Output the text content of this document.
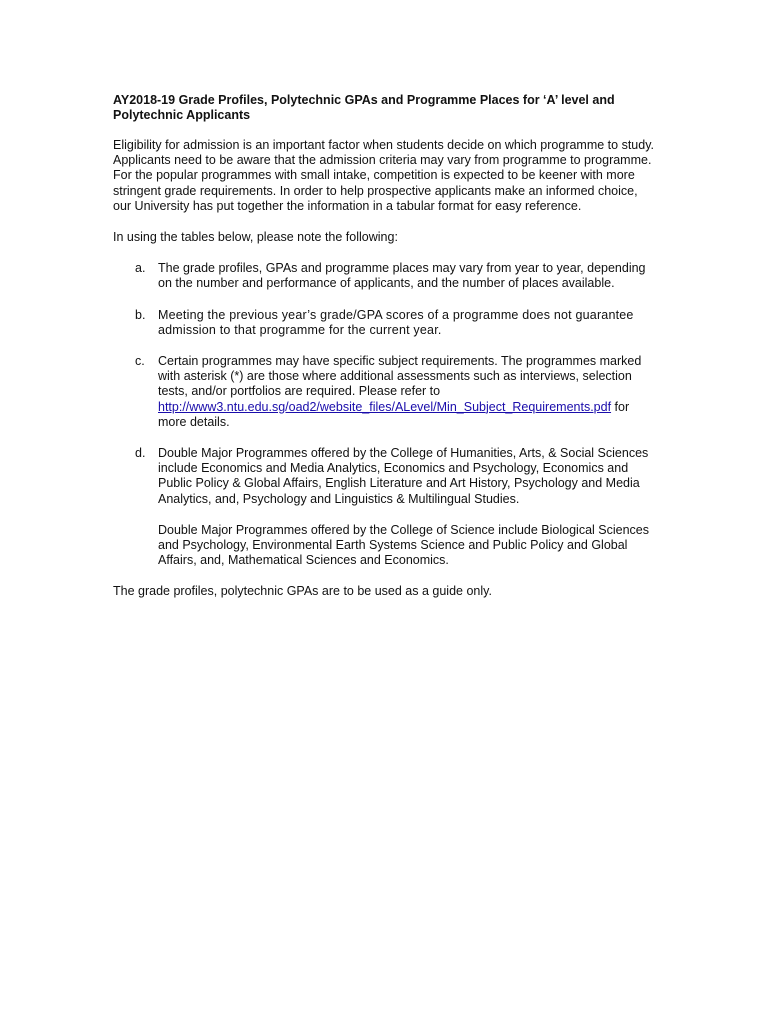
AY2018-19 Grade Profiles, Polytechnic GPAs and Programme Places for ‘A’ level and Polytechnic Applicants
Eligibility for admission is an important factor when students decide on which programme to study. Applicants need to be aware that the admission criteria may vary from programme to programme. For the popular programmes with small intake, competition is expected to be keener with more stringent grade requirements. In order to help prospective applicants make an informed choice, our University has put together the information in a tabular format for easy reference.
In using the tables below, please note the following:
a. The grade profiles, GPAs and programme places may vary from year to year, depending on the number and performance of applicants, and the number of places available.
b. Meeting the previous year’s grade/GPA scores of a programme does not guarantee admission to that programme for the current year.
c. Certain programmes may have specific subject requirements. The programmes marked with asterisk (*) are those where additional assessments such as interviews, selection tests, and/or portfolios are required. Please refer to
http://www3.ntu.edu.sg/oad2/website_files/ALevel/Min_Subject_Requirements.pdf for more details.
d. Double Major Programmes offered by the College of Humanities, Arts, & Social Sciences include Economics and Media Analytics, Economics and Psychology, Economics and Public Policy & Global Affairs, English Literature and Art History, Psychology and Media Analytics, and, Psychology and Linguistics & Multilingual Studies.
Double Major Programmes offered by the College of Science include Biological Sciences and Psychology, Environmental Earth Systems Science and Public Policy and Global Affairs, and, Mathematical Sciences and Economics.
The grade profiles, polytechnic GPAs are to be used as a guide only.
